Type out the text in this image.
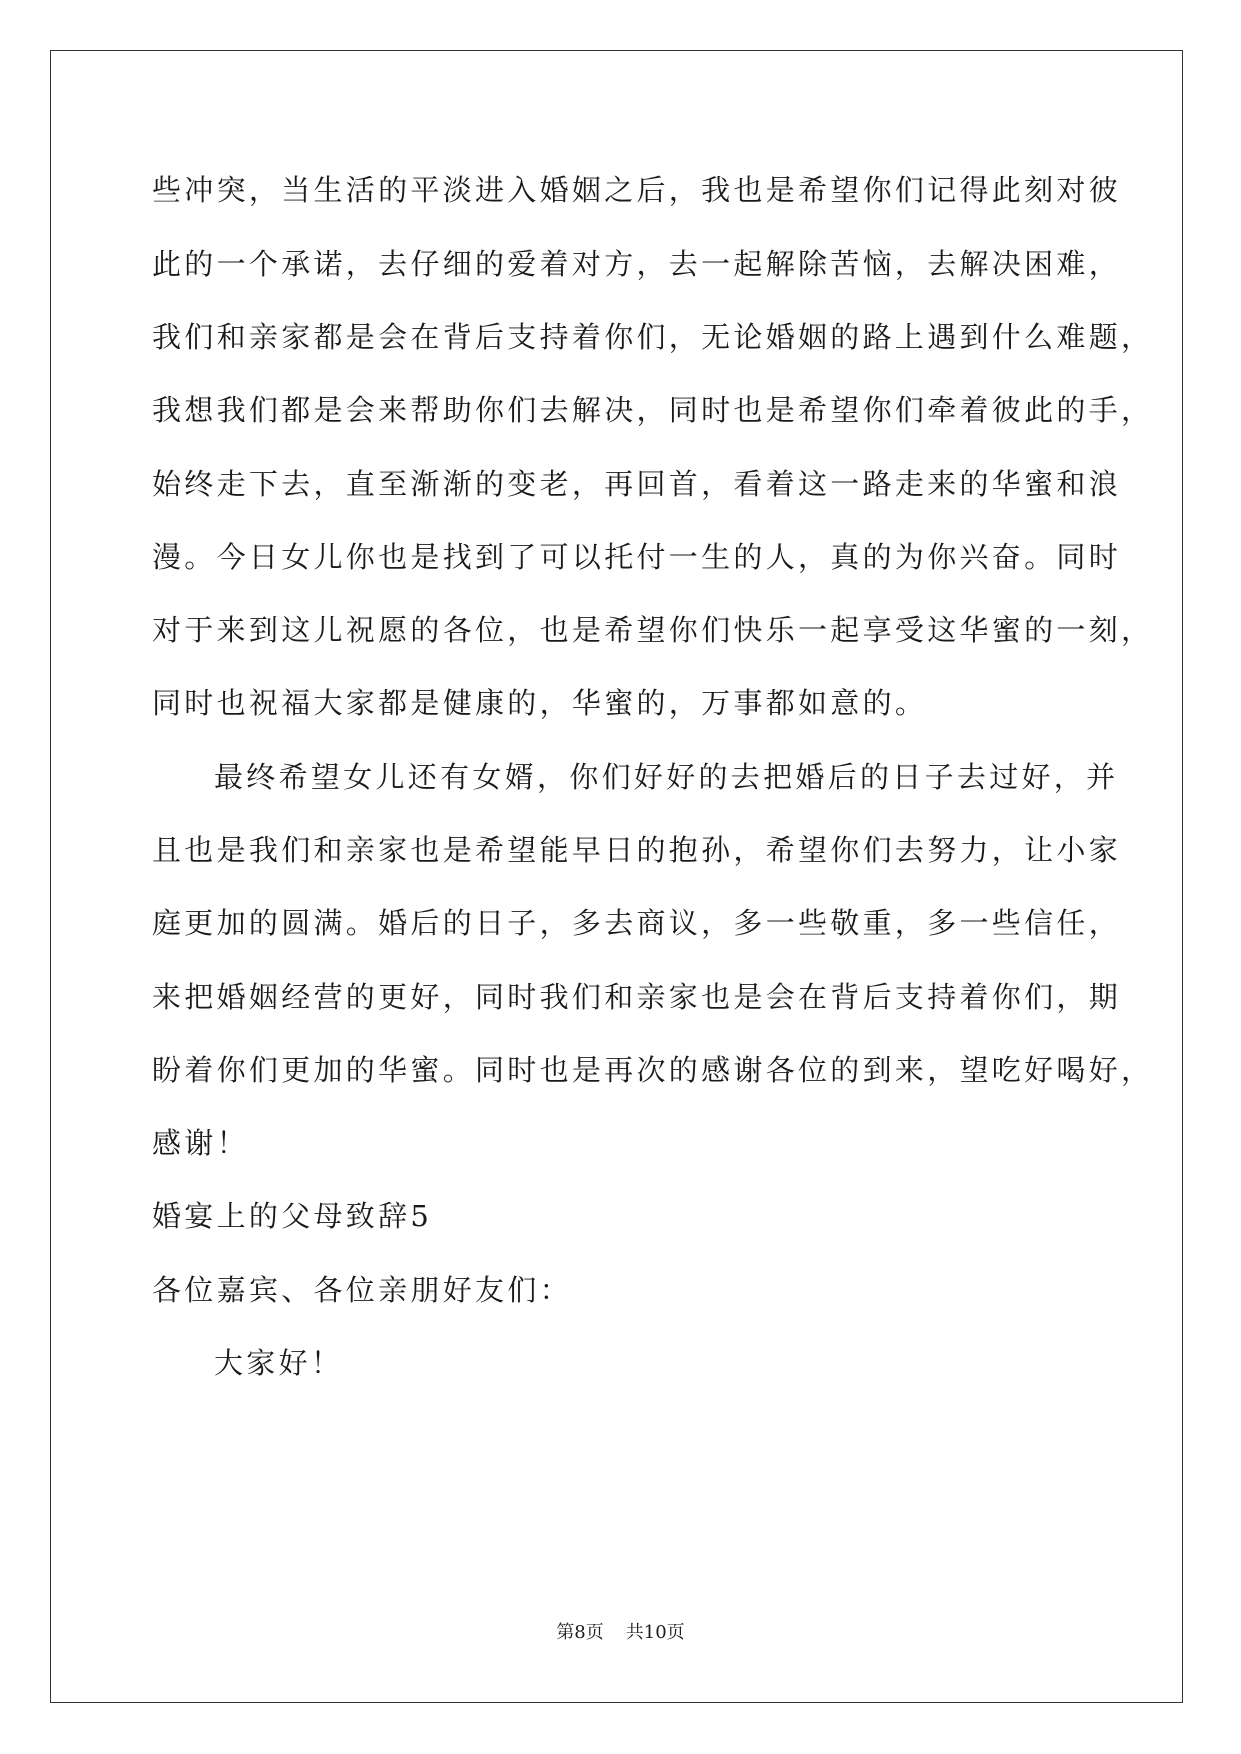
些冲突，当生活的平淡进入婚姻之后，我也是希望你们记得此刻对彼
此的一个承诺，去仔细的爱着对方，去一起解除苦恼，去解决困难，
我们和亲家都是会在背后支持着你们，无论婚姻的路上遇到什么难题，
我想我们都是会来帮助你们去解决，同时也是希望你们牵着彼此的手，
始终走下去，直至渐渐的变老，再回首，看着这一路走来的华蜜和浪
漫。今日女儿你也是找到了可以托付一生的人，真的为你兴奋。同时
对于来到这儿祝愿的各位，也是希望你们快乐一起享受这华蜜的一刻，
同时也祝福大家都是健康的，华蜜的，万事都如意的。
最终希望女儿还有女婿，你们好好的去把婚后的日子去过好，并
且也是我们和亲家也是希望能早日的抱孙，希望你们去努力，让小家
庭更加的圆满。婚后的日子，多去商议，多一些敬重，多一些信任，
来把婚姻经营的更好，同时我们和亲家也是会在背后支持着你们，期
盼着你们更加的华蜜。同时也是再次的感谢各位的到来，望吃好喝好，
感谢！
婚宴上的父母致辞5
各位嘉宾、各位亲朋好友们：
大家好！
第8页 共10页
